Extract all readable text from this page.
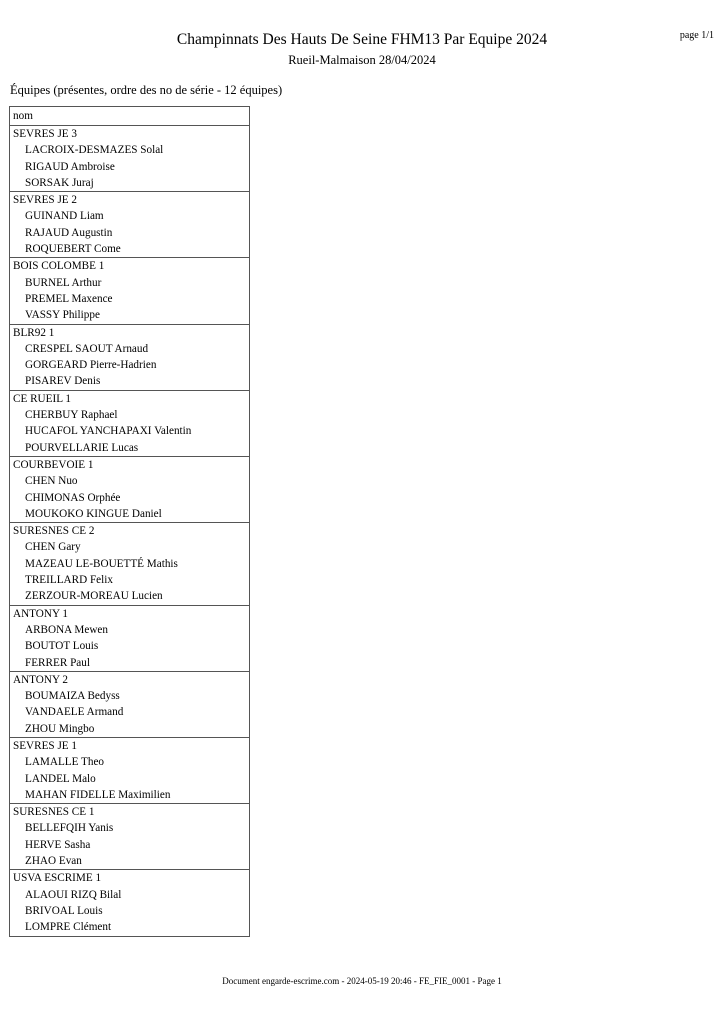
page 1/1
Champinnats Des Hauts De Seine FHM13 Par Equipe 2024
Rueil-Malmaison 28/04/2024
Équipes (présentes, ordre des no de série - 12 équipes)
nom
SEVRES JE 3
LACROIX-DESMAZES Solal
RIGAUD Ambroise
SORSAK Juraj
SEVRES JE 2
GUINAND Liam
RAJAUD Augustin
ROQUEBERT Come
BOIS COLOMBE 1
BURNEL Arthur
PREMEL Maxence
VASSY Philippe
BLR92 1
CRESPEL SAOUT Arnaud
GORGEARD Pierre-Hadrien
PISAREV Denis
CE RUEIL 1
CHERBUY Raphael
HUCAFOL YANCHAPAXI Valentin
POURVELLARIE Lucas
COURBEVOIE 1
CHEN Nuo
CHIMONAS Orphée
MOUKOKO KINGUE Daniel
SURESNES CE 2
CHEN Gary
MAZEAU LE-BOUETTÉ Mathis
TREILLARD Felix
ZERZOUR-MOREAU Lucien
ANTONY 1
ARBONA Mewen
BOUTOT Louis
FERRER Paul
ANTONY 2
BOUMAIZA Bedyss
VANDAELE Armand
ZHOU Mingbo
SEVRES JE 1
LAMALLE Theo
LANDEL Malo
MAHAN FIDELLE Maximilien
SURESNES CE 1
BELLEFQIH Yanis
HERVE Sasha
ZHAO Evan
USVA ESCRIME 1
ALAOUI RIZQ Bilal
BRIVOAL Louis
LOMPRE Clément
Document engarde-escrime.com - 2024-05-19 20:46 - FE_FIE_0001 - Page 1
